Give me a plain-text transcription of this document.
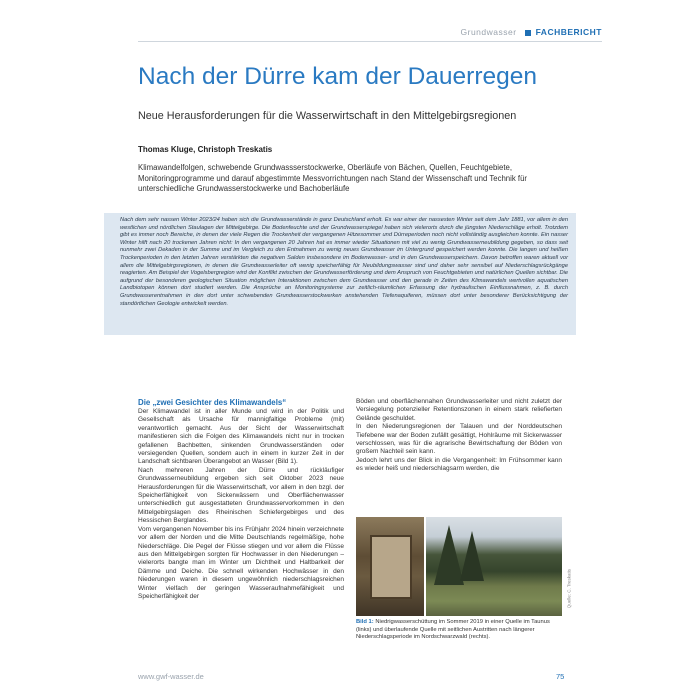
Grundwasser FACHBERICHT
Nach der Dürre kam der Dauerregen

Neue Herausforderungen für die Wasserwirtschaft in den Mittelgebirgsregionen

Thomas Kluge, Christoph Treskatis
Klimawandelfolgen, schwebende Grundwassserstockwerke, Oberläufe von Bächen, Quellen, Feuchtgebiete, Monitoringprogramme und darauf abgestimmte Messvorrichtungen nach Stand der Wissenschaft und Technik für unterschiedliche Grundwasserstockwerke und Bachoberläufe

Nach dem sehr nassen Winter 2023/24 haben sich die Grundwasserstände in ganz Deutschland erholt. Es war einer der nassesten Winter seit dem Jahr 1881, vor allem in den westlichen und nördlichen Staulagen der Mittelgebirge. Die Bodenfeuchte und der Grundwasserspiegel haben sich vielerorts durch die jüngsten Niederschläge erholt. Trotzdem gibt es immer noch Bereiche, in denen der viele Regen die Trockenheit der vergangenen Hitzesommer und Dürreperioden noch nicht vollständig ausgleichen konnte. Ein nasser Winter hilft nach 20 trockenen Jahren nicht: In den vergangenen 20 Jahren hat es immer wieder Situationen mit viel zu wenig Grundwasserneubildung gegeben, so dass seit nunmehr zwei Dekaden in der Summe und im Vergleich zu den Entnahmen zu wenig neues Grundwasser im Untergrund gespeichert werden konnte. Die langen und heißen Trockenperioden in den letzten Jahren verstärkten die negativen Salden insbesondere im Bodenwasser- und in den Grundwasserspeichern. Davon betroffen waren aktuell vor allem die Mittelgebirgsregionen, in denen die Grundwasserleiter oft wenig speicherfähig für Neubildungswasser sind und daher sehr sensibel auf Niederschlagsrückgänge reagierten. Am Beispiel der Vogelsbergregion wird der Konflikt zwischen der Grundwasserförderung und dem Anspruch von Feuchtgebieten und natürlichen Quellen sichtbar. Die aufgrund der besonderen geologischen Situation möglichen Interaktionen zwischen dem Grundwasser und den gerade in Zeiten des Klimawandels wertvollen aquatischen Landbiotopen können dort studiert werden. Die Ansprüche an Monitoringsysteme zur zeitlich-räumlichen Erfassung der hydraulischen Einflussnahmen, z. B. durch Grundwasserentnahmen in den dort unter schwebenden Grundwasserstockwerken anstehenden Tiefenaquiferen, müssen dort unter besonderer Berücksichtigung der standörtlichen Geologie entwickelt werden.

Die „zwei Gesichter des Klimawandels“

Der Klimawandel ist in aller Munde und wird in der Politik und Gesellschaft als Ursache für mannigfaltige Probleme (mit) verantwortlich gemacht. Aus der Sicht der Wasserwirtschaft manifestieren sich die Folgen des Klimawandels nicht nur in trocken gefallenen Bachbetten, sinkenden Grundwasserständen oder versiegenden Quellen, sondern auch in einem in kurzer Zeit in der Landschaft sichtbaren Überangebot an Wasser (Bild 1).

Nach mehreren Jahren der Dürre und rückläufiger Grundwasserneubildung ergeben sich seit Oktober 2023 neue Herausforderungen für die Wasserwirtschaft, vor allem in den bzgl. der Speicherfähigkeit von Sickerwässern und Oberflächenwasser unterschiedlich gut ausgestatteten Grundwasservorkommen in den Mittelgebirgslagen des Rheinischen Schiefergebirges und des Hessischen Berglandes.

Vom vergangenen November bis ins Frühjahr 2024 hinein verzeichnete vor allem der Norden und die Mitte Deutschlands regelmäßige, hohe Niederschläge. Die Pegel der Flüsse stiegen und vor allem die Flüsse aus den Mittelgebirgen sorgten für Hochwasser in den Niederungen – vielerorts bangte man im Winter um Dichtheit und Haltbarkeit der Dämme und Deiche. Die schnell wirkenden Hochwässer in den Niederungen waren in diesem ungewöhnlich niederschlagsreichen Winter vielfach der geringen Wasseraufnahmefähigkeit und Speicherfähigkeit der

Böden und oberflächennahen Grundwasserleiter und nicht zuletzt der Versiegelung potenzieller Retentionszonen in einem stark reliefierten Gelände geschuldet.

In den Niederungsregionen der Talauen und der Norddeutschen Tiefebene war der Boden zufällt gesättigt, Hohlräume mit Sickerwasser verschlossen, was für die agrarische Bewirtschaftung der Böden von großem Nachteil sein kann.

Jedoch lehrt uns der Blick in die Vergangenheit: Im Frühsommer kann es wieder heiß und niederschlagsarm werden, die

Quelle: C. Treskatis
Bild 1: Niedrigwasserschüttung im Sommer 2019 in einer Quelle im Taunus (links) und überlaufende Quelle mit seitlichen Austritten nach längerer Niederschlagsperiode im Nordschwarzwald (rechts).
www.gwf-wasser.de	75
